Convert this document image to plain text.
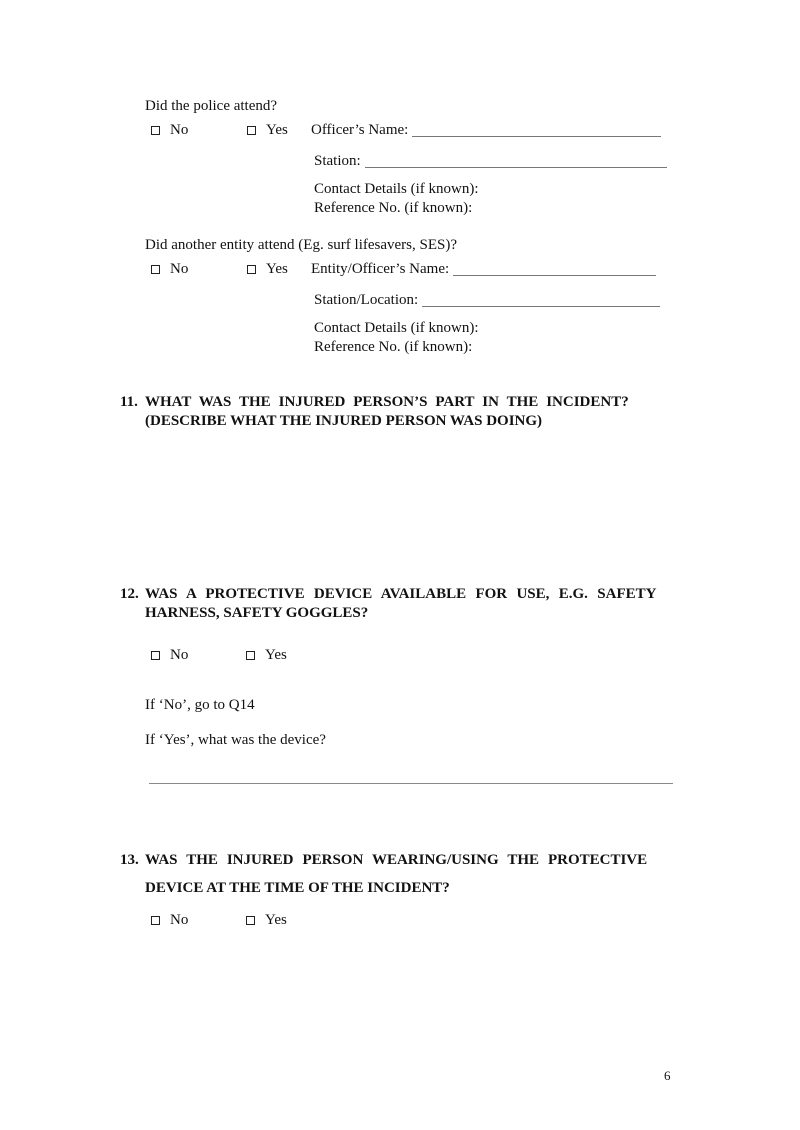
Did the police attend?
No	Yes Officer’s Name:
Station:
Contact Details (if known):
Reference No. (if known):
Did another entity attend (Eg. surf lifesavers, SES)?
No	Yes Entity/Officer’s Name:
Station/Location:
Contact Details (if known):
Reference No. (if known):
11. WHAT WAS THE INJURED PERSON’S PART IN THE INCIDENT?
(DESCRIBE WHAT THE INJURED PERSON WAS DOING)
12. WAS A PROTECTIVE DEVICE AVAILABLE FOR USE, E.G. SAFETY
HARNESS, SAFETY GOGGLES?
No	Yes
If ‘No’, go to Q14
If ‘Yes’, what was the device?
13. WAS THE INJURED PERSON WEARING/USING THE PROTECTIVE
DEVICE AT THE TIME OF THE INCIDENT?
No	Yes
6
